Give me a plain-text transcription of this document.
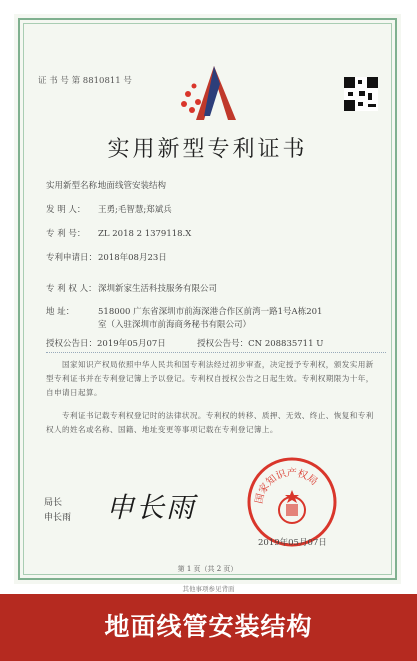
证 书 号 第 8810811 号
实用新型专利证书
实用新型名称：地面线管安装结构
发 明 人： 王勇;毛智慧;郑斌兵
专 利 号： ZL 2018 2 1379118.X
专利申请日：2018年08月23日
专 利 权 人：深圳新家生活科技服务有限公司
地 址：	518000 广东省深圳市前海深港合作区前湾一路1号A栋201
室（入驻深圳市前海商务秘书有限公司）
授权公告日：2019年05月07日	授权公告号：CN 208835711 U
国家知识产权局依照中华人民共和国专利法经过初步审查，决定授予专利权，颁发实用新型专利证书并在专利登记簿上予以登记。专利权自授权公告之日起生效。专利权期限为十年，自申请日起算。
专利证书记载专利权登记时的法律状况。专利权的转移、质押、无效、终止、恢复和专利权人的姓名或名称、国籍、地址变更等事项记载在专利登记簿上。
局长
申长雨 申长雨	国家知识产权局
2019年05月07日
第 1 页（共 2 页）
其他事项参见背面
地面线管安装结构
